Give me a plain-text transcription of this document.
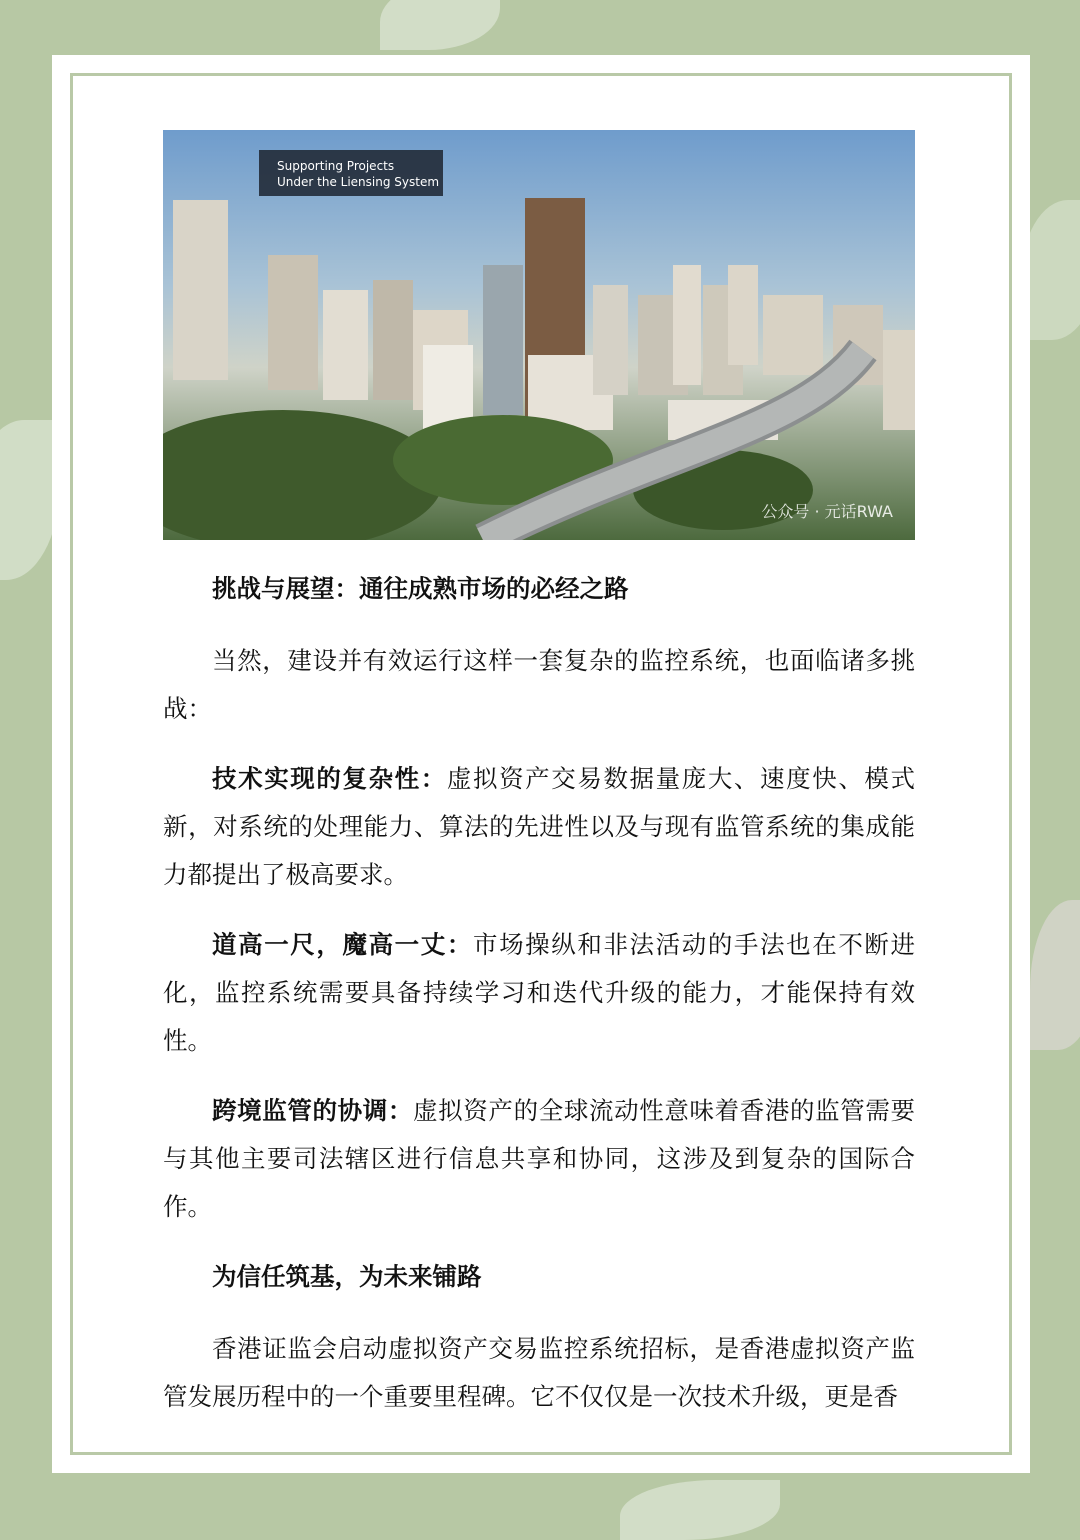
Supporting Projects
Under the Liensing System
公众号 · 元话RWA
挑战与展望：通往成熟市场的必经之路

当然，建设并有效运行这样一套复杂的监控系统，也面临诸多挑战：

技术实现的复杂性：虚拟资产交易数据量庞大、速度快、模式新，对系统的处理能力、算法的先进性以及与现有监管系统的集成能力都提出了极高要求。

道高一尺，魔高一丈：市场操纵和非法活动的手法也在不断进化，监控系统需要具备持续学习和迭代升级的能力，才能保持有效性。

跨境监管的协调：虚拟资产的全球流动性意味着香港的监管需要与其他主要司法辖区进行信息共享和协同，这涉及到复杂的国际合作。

为信任筑基，为未来铺路

香港证监会启动虚拟资产交易监控系统招标，是香港虚拟资产监管发展历程中的一个重要里程碑。它不仅仅是一次技术升级，更是香
